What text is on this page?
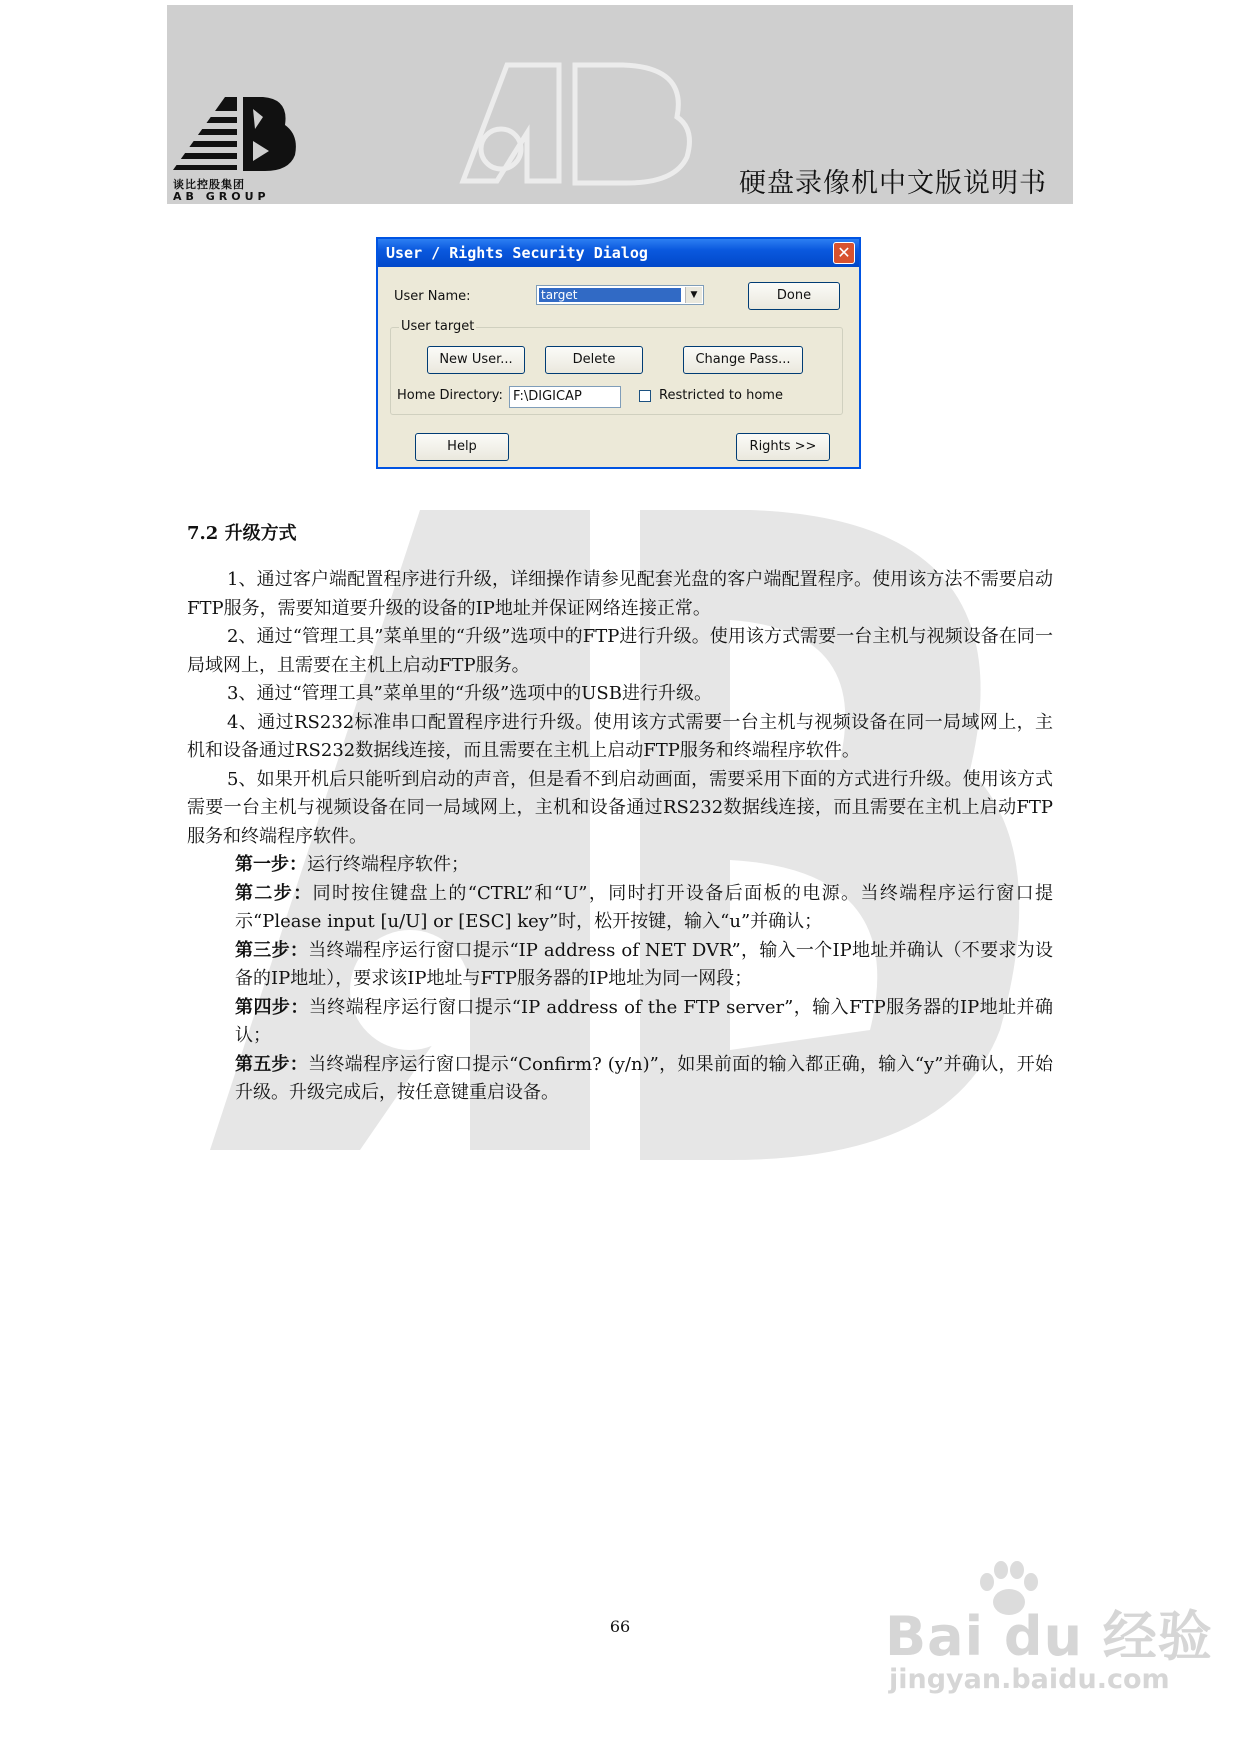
谈比控股集团
AB GROUP	硬盘录像机中文版说明书
User / Rights Security Dialog	✕
User Name:	target	▼	Done
User target
New User...	Delete	Change Pass...
Home Directory: F:\DIGICAP	Restricted to home
Help	Rights >>
7.2 升级方式

1、通过客户端配置程序进行升级，详细操作请参见配套光盘的客户端配置程序。使用该方法不需要启动FTP服务，需要知道要升级的设备的IP地址并保证网络连接正常。

2、通过“管理工具”菜单里的“升级”选项中的FTP进行升级。使用该方式需要一台主机与视频设备在同一局域网上，且需要在主机上启动FTP服务。

3、通过“管理工具”菜单里的“升级”选项中的USB进行升级。

4、通过RS232标准串口配置程序进行升级。使用该方式需要一台主机与视频设备在同一局域网上，主机和设备通过RS232数据线连接，而且需要在主机上启动FTP服务和终端程序软件。

5、如果开机后只能听到启动的声音，但是看不到启动画面，需要采用下面的方式进行升级。使用该方式需要一台主机与视频设备在同一局域网上，主机和设备通过RS232数据线连接，而且需要在主机上启动FTP服务和终端程序软件。

第一步：运行终端程序软件；

第二步：同时按住键盘上的“CTRL”和“U”，同时打开设备后面板的电源。当终端程序运行窗口提示“Please input [u/U] or [ESC] key”时，松开按键，输入“u”并确认；

第三步：当终端程序运行窗口提示“IP address of NET DVR”，输入一个IP地址并确认（不要求为设备的IP地址），要求该IP地址与FTP服务器的IP地址为同一网段；

第四步：当终端程序运行窗口提示“IP address of the FTP server”，输入FTP服务器的IP地址并确认；

第五步：当终端程序运行窗口提示“Confirm? (y/n)”，如果前面的输入都正确，输入“y”并确认，开始升级。升级完成后，按任意键重启设备。

66	Bai du 经验
jingyan.baidu.com
